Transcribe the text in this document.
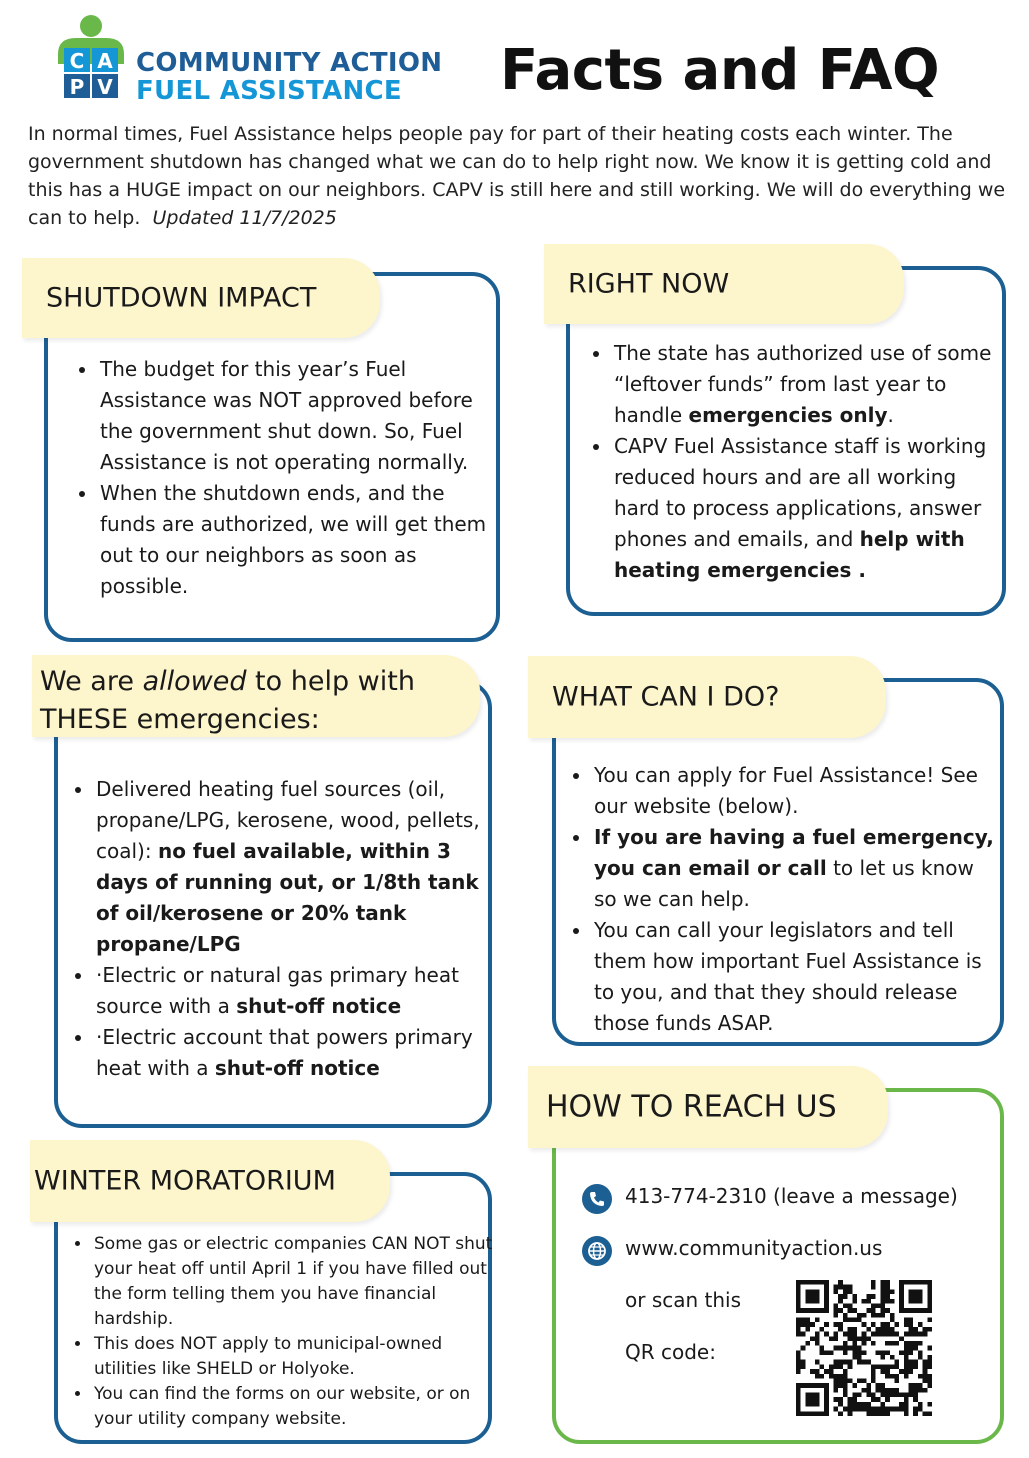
C A
P V
COMMUNITY ACTION
FUEL ASSISTANCE Facts and FAQ
In normal times, Fuel Assistance helps people pay for part of their heating costs each winter. The government shutdown has changed what we can do to help right now. We know it is getting cold and this has a HUGE impact on our neighbors. CAPV is still here and still working. We will do everything we can to help. Updated 11/7/2025
• The budget for this year’s Fuel Assistance was NOT approved before the government shut down. So, Fuel Assistance is not operating normally.
• When the shutdown ends, and the funds are authorized, we will get them out to our neighbors as soon as possible.
SHUTDOWN IMPACT
• The state has authorized use of some “leftover funds” from last year to handle emergencies only.
• CAPV Fuel Assistance staff is working reduced hours and are all working hard to process applications, answer phones and emails, and help with heating emergencies .
RIGHT NOW
• Delivered heating fuel sources (oil, propane/LPG, kerosene, wood, pellets, coal): no fuel available, within 3 days of running out, or 1/8th tank of oil/kerosene or 20% tank propane/LPG
• ·Electric or natural gas primary heat source with a shut-off notice
• ·Electric account that powers primary heat with a shut-off notice
We are allowed to help with
THESE emergencies:
• You can apply for Fuel Assistance! See our website (below).
• If you are having a fuel emergency, you can email or call to let us know so we can help.
• You can call your legislators and tell them how important Fuel Assistance is to you, and that they should release those funds ASAP.
WHAT CAN I DO?
• Some gas or electric companies CAN NOT shut your heat off until April 1 if you have filled out the form telling them you have financial hardship.
• This does NOT apply to municipal-owned utilities like SHELD or Holyoke.
• You can find the forms on our website, or on your utility company website.
WINTER MORATORIUM
HOW TO REACH US
413-774-2310 (leave a message)
www.communityaction.us
or scan this
QR code:
